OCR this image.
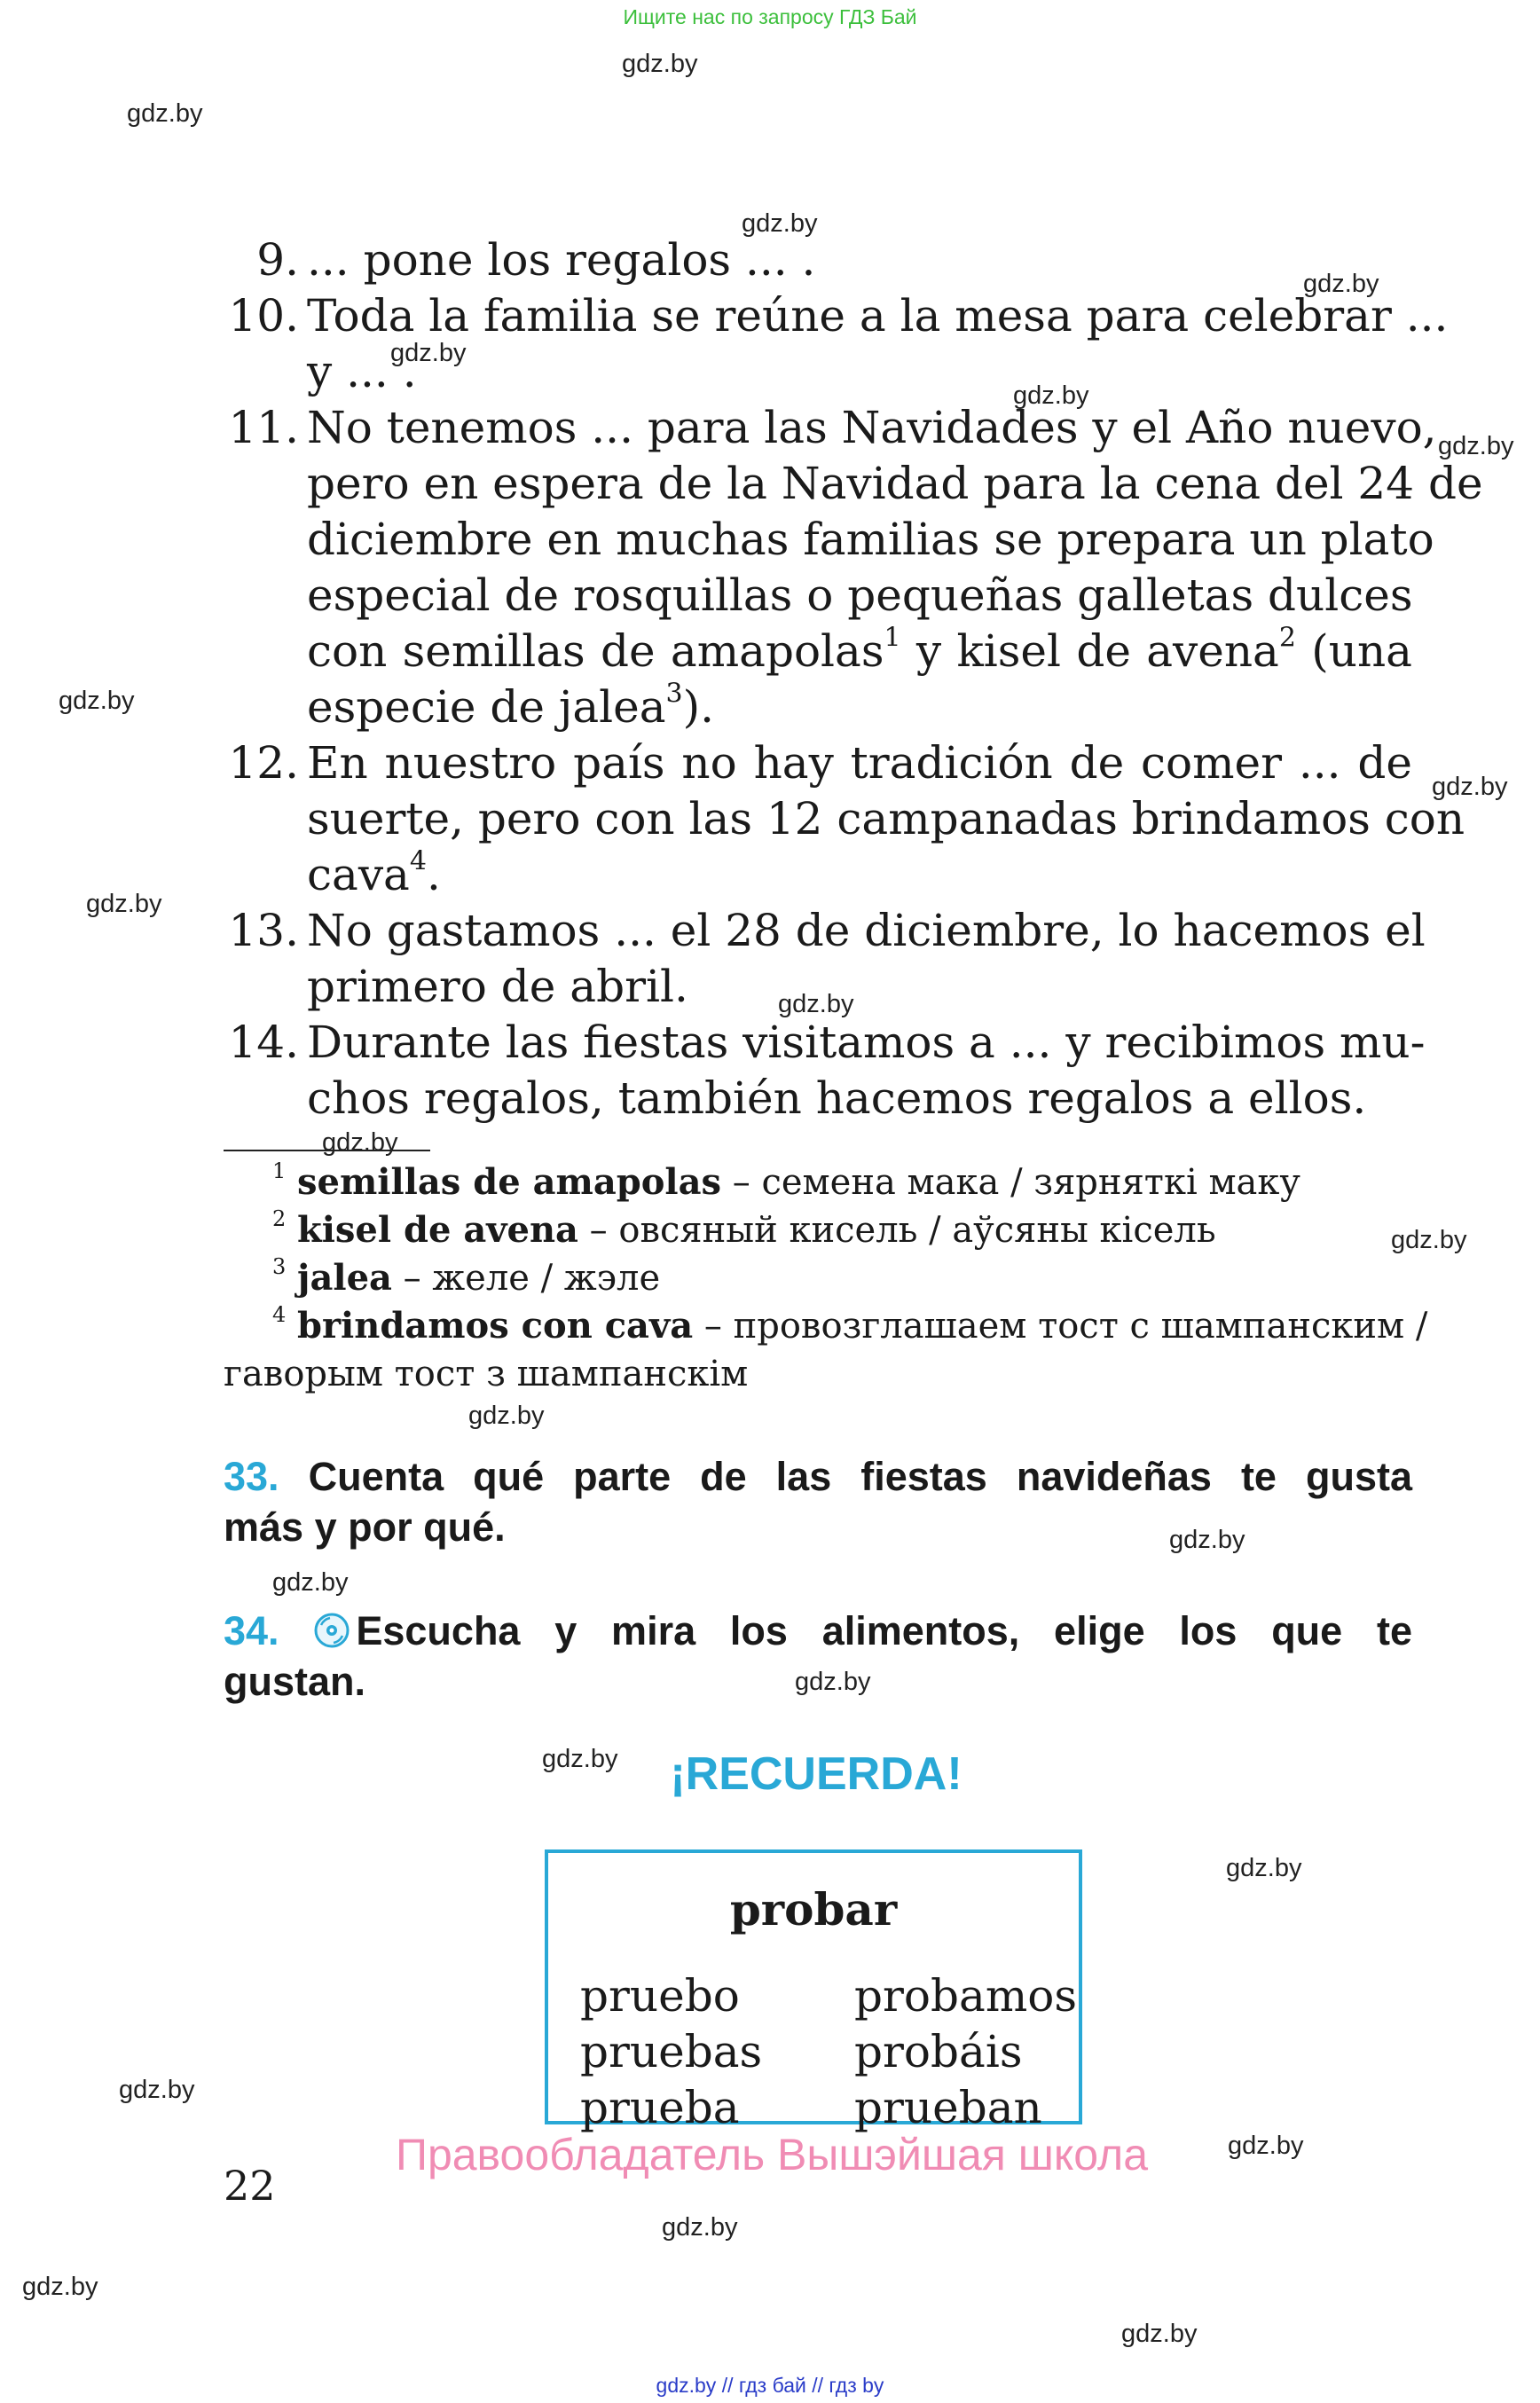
Ищите нас по запросу ГДЗ Бай
gdz.by
gdz.by
gdz.by
gdz.by
gdz.by
gdz.by
gdz.by
gdz.by
gdz.by
gdz.by
gdz.by
gdz.by
gdz.by
gdz.by
gdz.by
gdz.by
gdz.by
gdz.by
gdz.by
gdz.by
gdz.by
gdz.by
gdz.by
gdz.by
9. ... pone los regalos ... .
10. Toda la familia se reúne a la mesa para celebrar ...
y ... .
11. No tenemos ... para las Navidades y el Año nuevo,
pero en espera de la Navidad para la cena del 24 de
diciembre en muchas familias se prepara un plato
especial de rosquillas o pequeñas galletas dulces
con semillas de amapolas$^1$ y kisel de avena$^2$ (una
especie de jalea$^3$).
12. En nuestro país no hay tradición de comer ... de
suerte, pero con las 12 campanadas brindamos con
cava$^4$.
13. No gastamos ... el 28 de diciembre, lo hacemos el
primero de abril.
14. Durante las fiestas visitamos a ... y recibimos mu-
chos regalos, también hacemos regalos a ellos.
$^1$ semillas de amapolas – семена мака / зярняткі маку
$^2$ kisel de avena – овсяный кисель / аўсяны кісель
$^3$ jalea – желе / жэле
$^4$ brindamos con cava – провозглашаем тост с шампанским /
гаворым тост з шампанскім
33. Cuenta qué parte de las fiestas navideñas te gusta
más y por qué.
34. Escucha y mira los alimentos, elige los que te
gustan.
¡RECUERDA!
probar
pruebo	probamos
pruebas probáis
prueba	prueban
Правообладатель Вышэйшая школа
22
gdz.by // гдз бай // гдз by
